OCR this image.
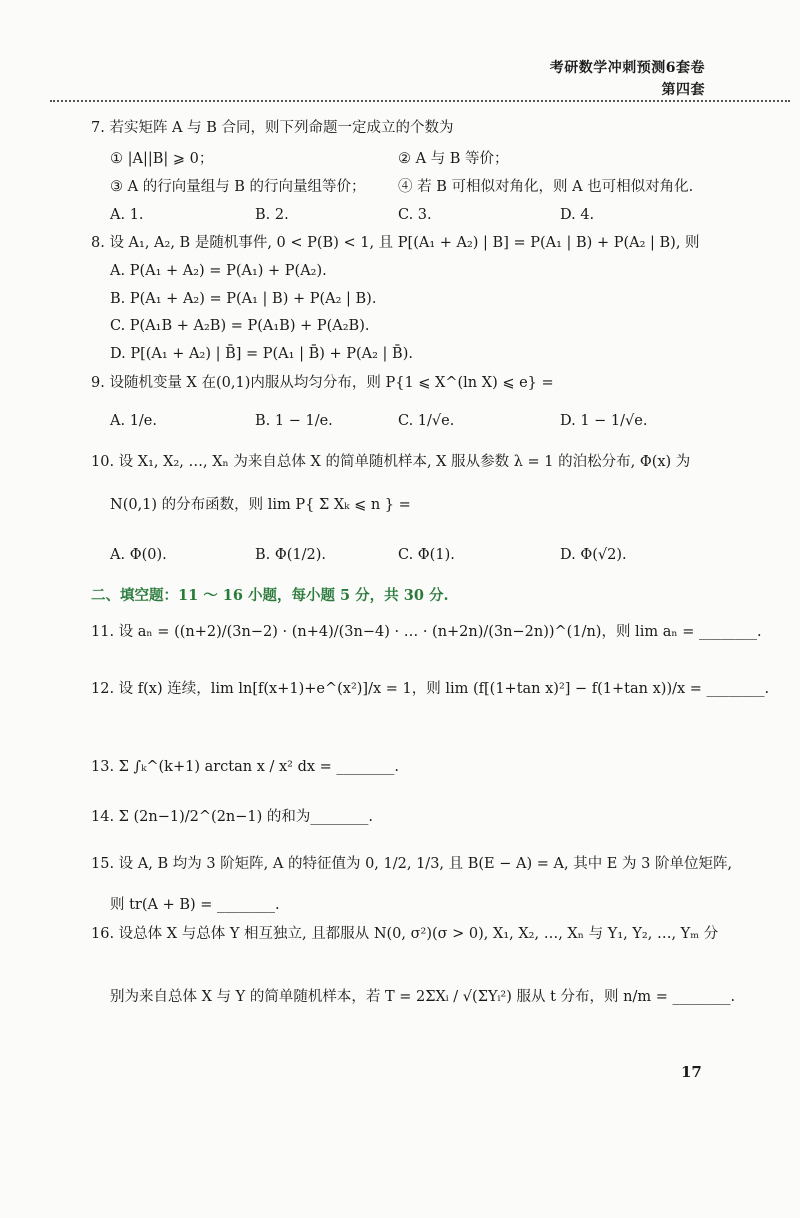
考研数学冲刺预测6套卷
第四套
7. 若实矩阵 A 与 B 合同，则下列命题一定成立的个数为
① |A||B| ⩾ 0；	② A 与 B 等价；
③ A 的行向量组与 B 的行向量组等价； ④ 若 B 可相似对角化，则 A 也可相似对角化.
A. 1.	B. 2.	C. 3.	D. 4.
8. 设 A₁, A₂, B 是随机事件, 0 < P(B) < 1, 且 P[(A₁ + A₂) | B] = P(A₁ | B) + P(A₂ | B), 则
A. P(A₁ + A₂) = P(A₁) + P(A₂).
B. P(A₁ + A₂) = P(A₁ | B) + P(A₂ | B).
C. P(A₁B + A₂B) = P(A₁B) + P(A₂B).
D. P[(A₁ + A₂) | B̄] = P(A₁ | B̄) + P(A₂ | B̄).
9. 设随机变量 X 在(0,1)内服从均匀分布，则 P{1 ⩽ X^(ln X) ⩽ e} =
A. 1/e.	B. 1 − 1/e.	C. 1/√e.	D. 1 − 1/√e.
10. 设 X₁, X₂, …, Xₙ 为来自总体 X 的简单随机样本, X 服从参数 λ = 1 的泊松分布, Φ(x) 为
N(0,1) 的分布函数，则 lim P{ Σ Xₖ ⩽ n } =
A. Φ(0).	B. Φ(1/2).	C. Φ(1).	D. Φ(√2).
二、填空题：11 ～ 16 小题，每小题 5 分，共 30 分.
11. 设 aₙ = ((n+2)/(3n−2) · (n+4)/(3n−4) · … · (n+2n)/(3n−2n))^(1/n)，则 lim aₙ = ________.
12. 设 f(x) 连续，lim ln[f(x+1)+e^(x²)]/x = 1，则 lim (f[(1+tan x)²] − f(1+tan x))/x = ________.
13. Σ ∫ₖ^(k+1) arctan x / x² dx = ________.
14. Σ (2n−1)/2^(2n−1) 的和为________.
15. 设 A, B 均为 3 阶矩阵, A 的特征值为 0, 1/2, 1/3, 且 B(E − A) = A, 其中 E 为 3 阶单位矩阵,
则 tr(A + B) = ________.
16. 设总体 X 与总体 Y 相互独立, 且都服从 N(0, σ²)(σ > 0), X₁, X₂, …, Xₙ 与 Y₁, Y₂, …, Yₘ 分
别为来自总体 X 与 Y 的简单随机样本，若 T = 2ΣXᵢ / √(ΣYᵢ²) 服从 t 分布，则 n/m = ________.
17
